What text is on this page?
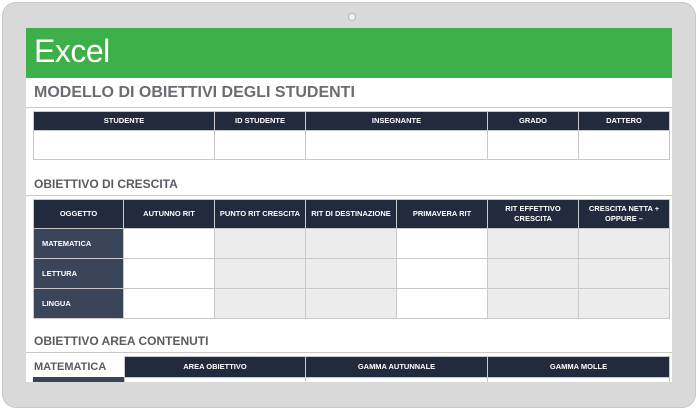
Excel
MODELLO DI OBIETTIVI DEGLI STUDENTI
STUDENTE	ID STUDENTE	INSEGNANTE	GRADO	DATTERO

OBIETTIVO DI CRESCITA
OGGETTO	AUTUNNO RIT	PUNTO RIT CRESCITA	RIT DI DESTINAZIONE	PRIMAVERA RIT	RIT EFFETTIVO CRESCITA	CRESCITA NETTA + OPPURE –
MATEMATICA						
LETTURA						
LINGUA						
OBIETTIVO AREA CONTENUTI
MATEMATICA	AREA OBIETTIVO	GAMMA AUTUNNALE	GAMMA MOLLE
